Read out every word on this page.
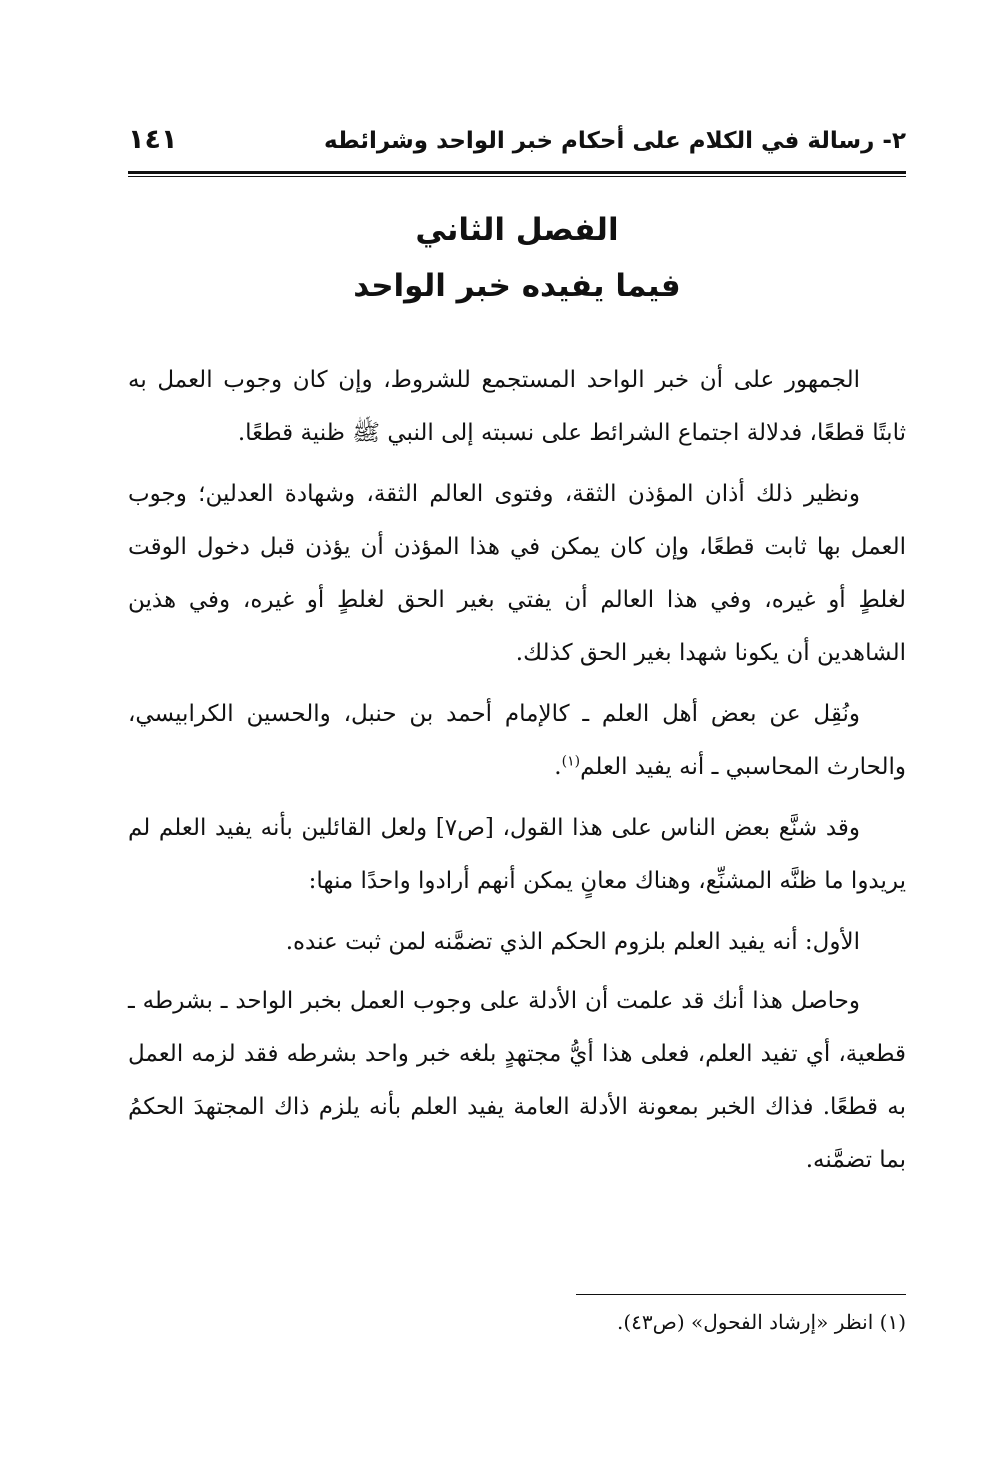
٢- رسالة في الكلام على أحكام خبر الواحد وشرائطه
١٤١
الفصل الثاني
فيما يفيده خبر الواحد

الجمهور على أن خبر الواحد المستجمع للشروط، وإن كان وجوب العمل به ثابتًا قطعًا، فدلالة اجتماع الشرائط على نسبته إلى النبي ﷺ ظنية قطعًا.

ونظير ذلك أذان المؤذن الثقة، وفتوى العالم الثقة، وشهادة العدلين؛ وجوب العمل بها ثابت قطعًا، وإن كان يمكن في هذا المؤذن أن يؤذن قبل دخول الوقت لغلطٍ أو غيره، وفي هذا العالم أن يفتي بغير الحق لغلطٍ أو غيره، وفي هذين الشاهدين أن يكونا شهدا بغير الحق كذلك.

ونُقِل عن بعض أهل العلم ـ كالإمام أحمد بن حنبل، والحسين الكرابيسي، والحارث المحاسبي ـ أنه يفيد العلم$^{(١)}$.

وقد شنَّع بعض الناس على هذا القول، [ص٧] ولعل القائلين بأنه يفيد العلم لم يريدوا ما ظنَّه المشنِّع، وهناك معانٍ يمكن أنهم أرادوا واحدًا منها:

الأول: أنه يفيد العلم بلزوم الحكم الذي تضمَّنه لمن ثبت عنده.

وحاصل هذا أنك قد علمت أن الأدلة على وجوب العمل بخبر الواحد ـ بشرطه ـ قطعية، أي تفيد العلم، فعلى هذا أيُّ مجتهدٍ بلغه خبر واحد بشرطه فقد لزمه العمل به قطعًا. فذاك الخبر بمعونة الأدلة العامة يفيد العلم بأنه يلزم ذاك المجتهدَ الحكمُ بما تضمَّنه.

(١) انظر «إرشاد الفحول» (ص٤٣).
